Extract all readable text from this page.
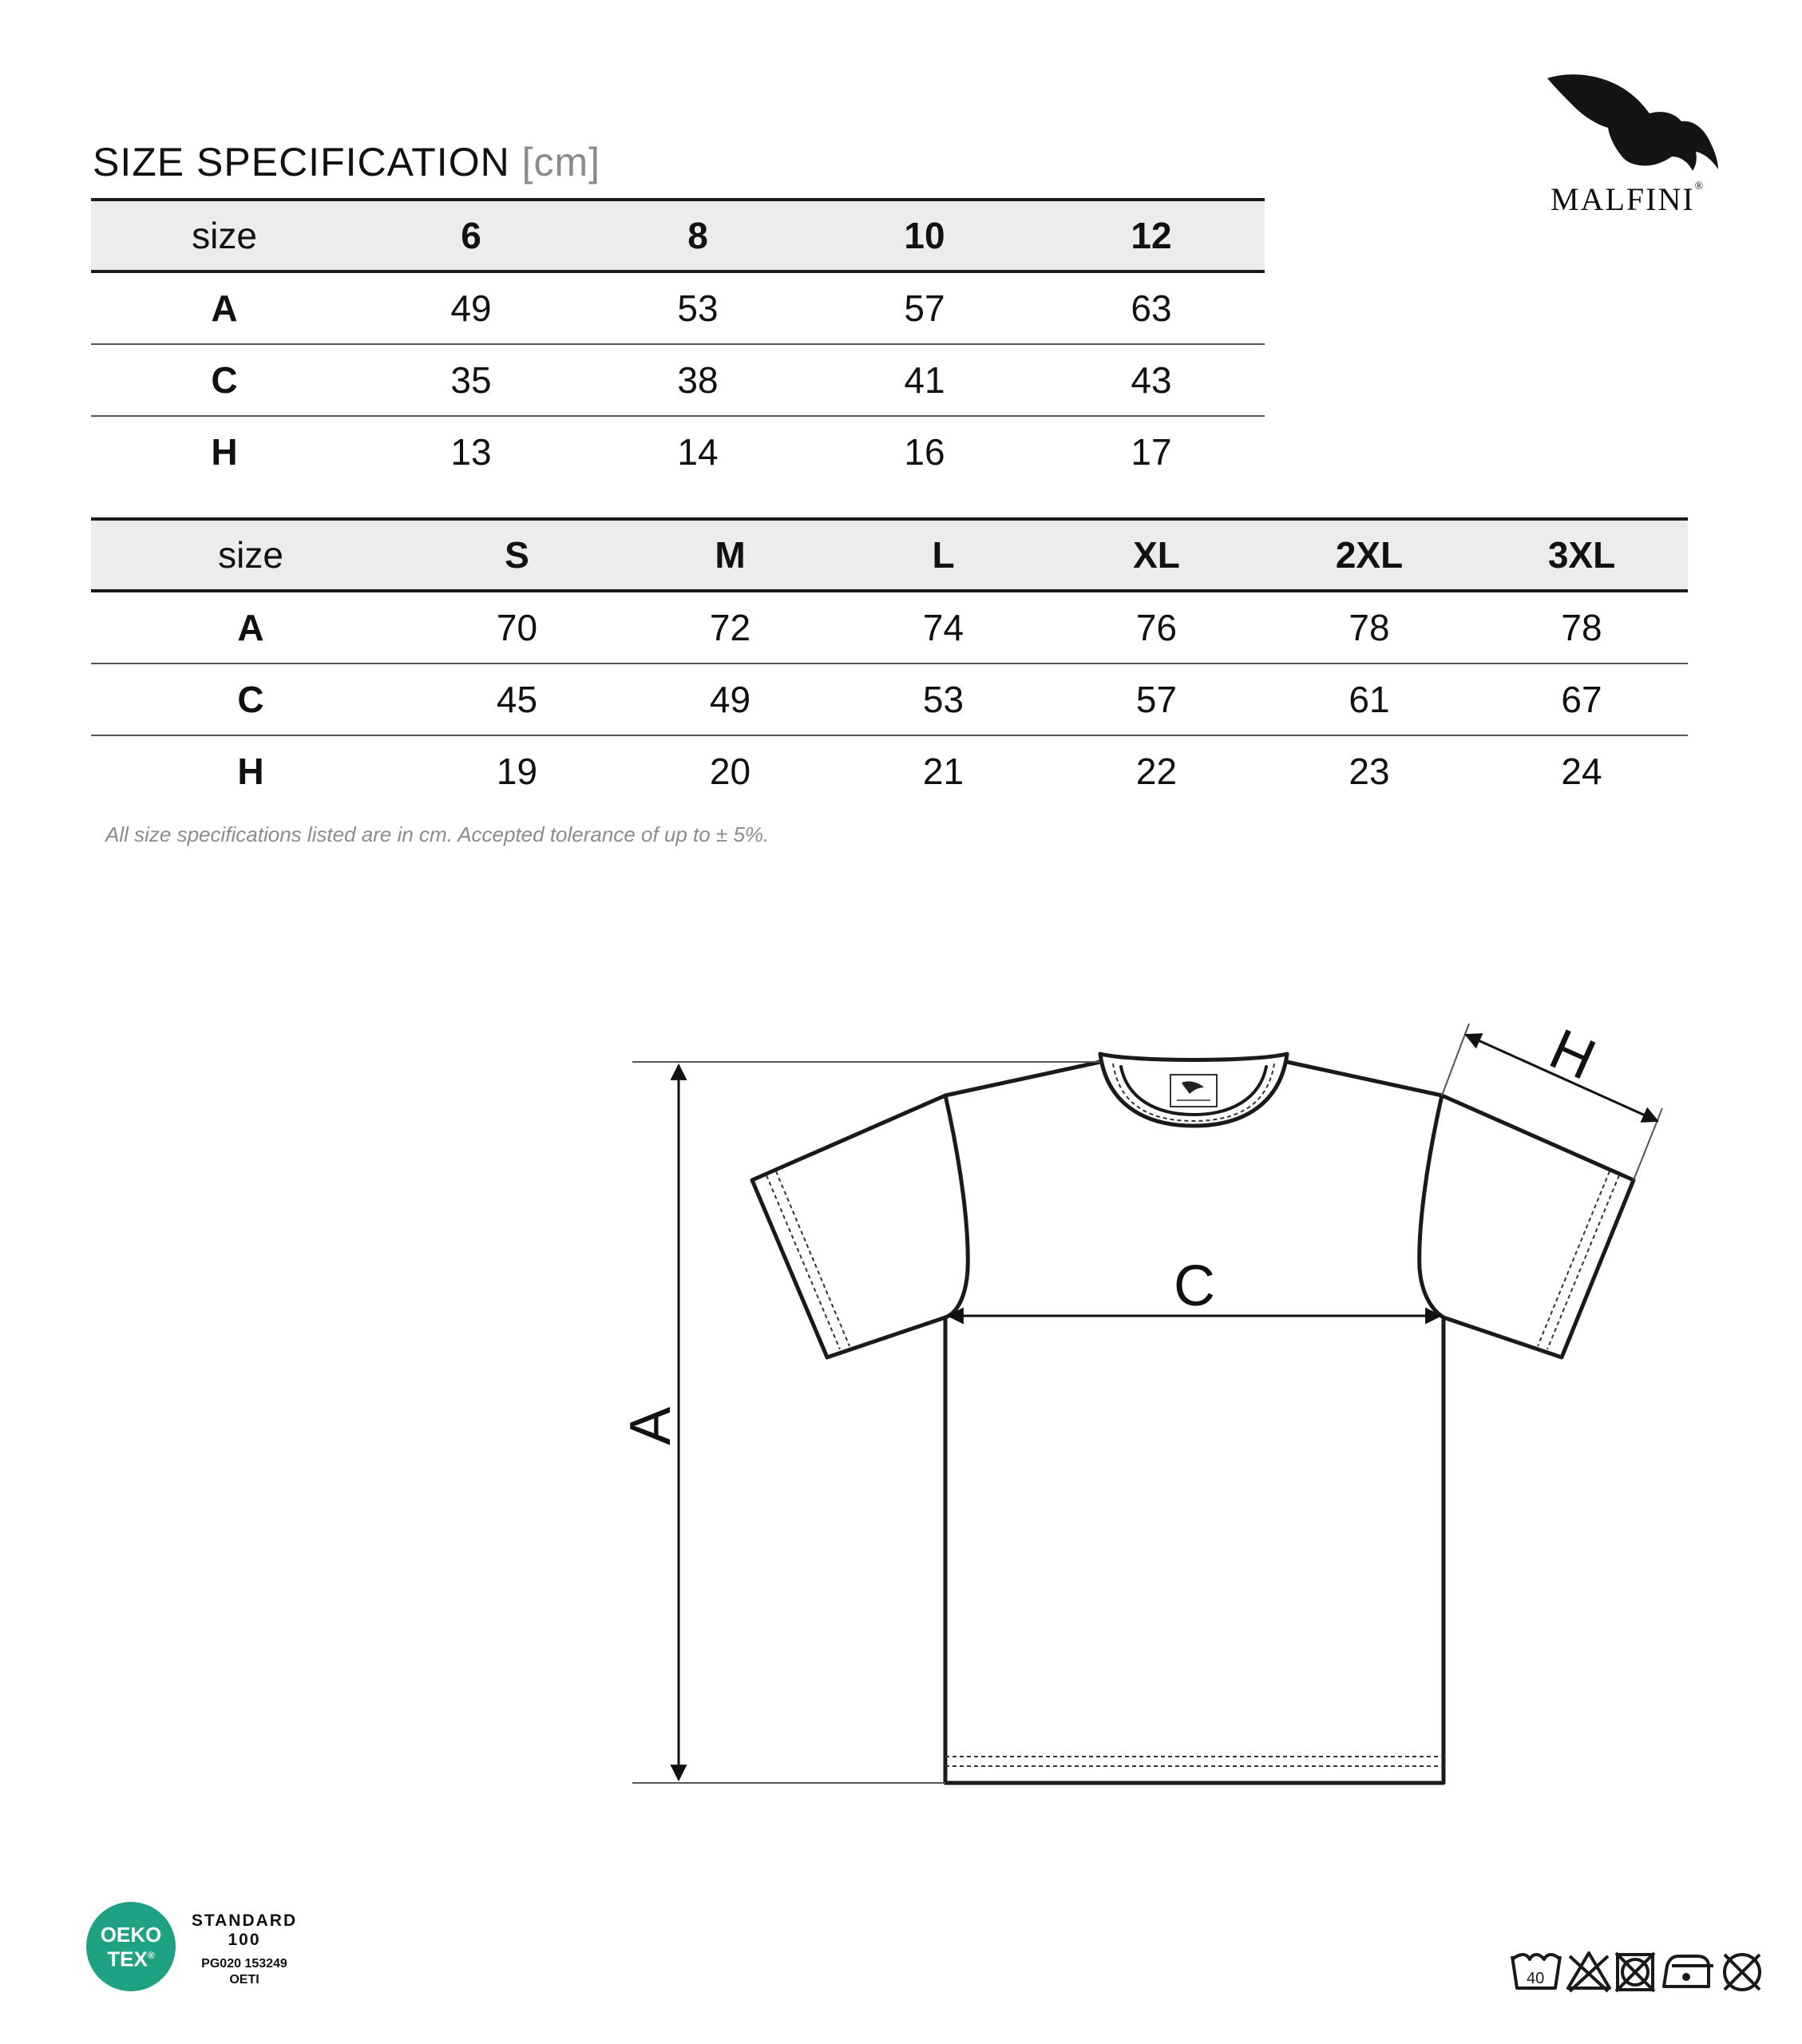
SIZE SPECIFICATION [cm]
MALFINI®
size	6	8	10	12
A	49	53	57	63
C	35	38	41	43
H	13	14	16	17
size	S	M	L	XL	2XL	3XL
A	70	72	74	76	78	78
C	45	49	53	57	61	67
H	19	20	21	22	23	24
All size specifications listed are in cm. Accepted tolerance of up to ± 5%.
A
C
H
OEKO
TEX®
STANDARD
100
PG020 153249
OETI	40
